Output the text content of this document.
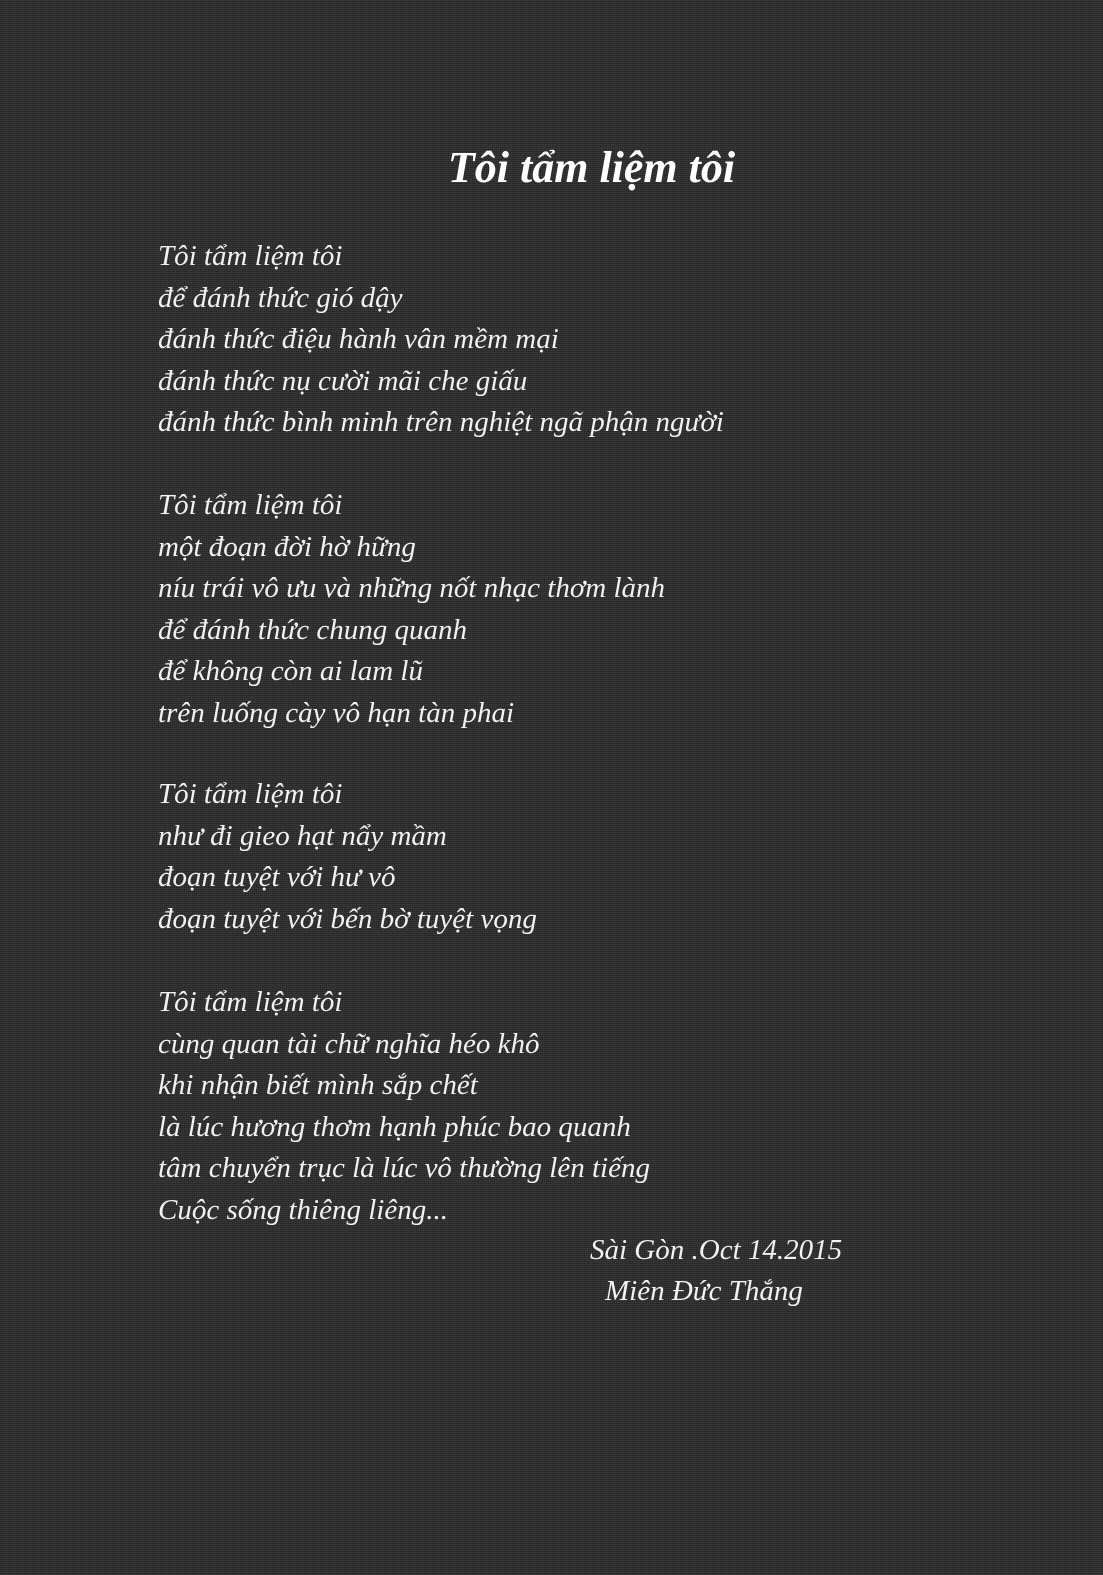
Tôi tẩm liệm tôi
Tôi tẩm liệm tôi
để đánh thức gió dậy
đánh thức điệu hành vân mềm mại
đánh thức nụ cười mãi che giấu
đánh thức bình minh trên nghiệt ngã phận người
Tôi tẩm liệm tôi
một đoạn đời hờ hững
níu trái vô ưu và những nốt nhạc thơm lành
để đánh thức chung quanh
để không còn ai lam lũ
trên luống cày vô hạn tàn phai
Tôi tẩm liệm tôi
như đi gieo hạt nẩy mầm
đoạn tuyệt với hư vô
đoạn tuyệt với bến bờ tuyệt vọng
Tôi tẩm liệm tôi
cùng quan tài chữ nghĩa héo khô
khi nhận biết mình sắp chết
là lúc hương thơm hạnh phúc bao quanh
tâm chuyển trục là lúc vô thường lên tiếng
Cuộc sống thiêng liêng...
Sài Gòn .Oct 14.2015
Miên Đức Thắng
